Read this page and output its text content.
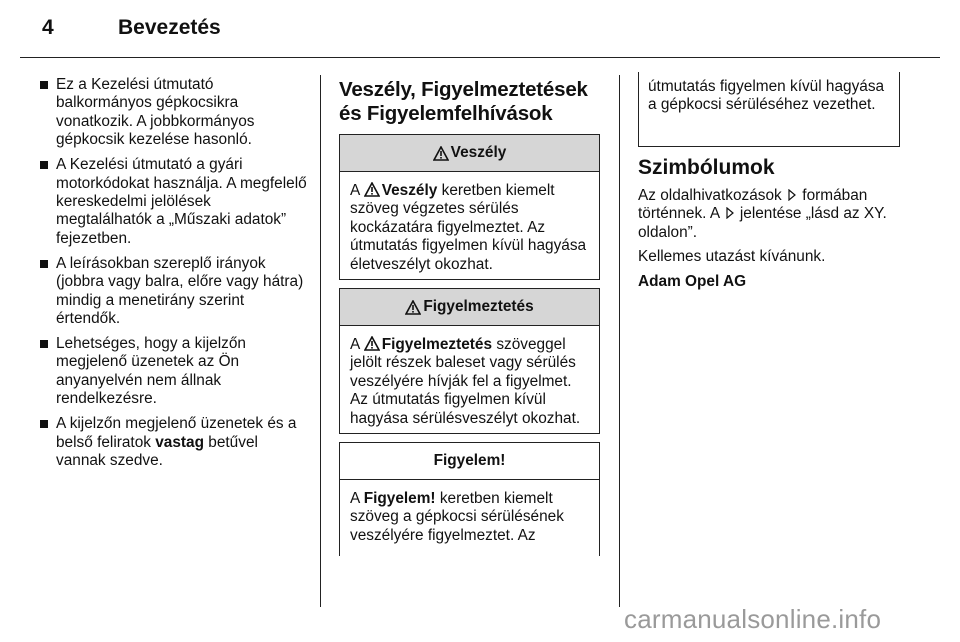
4	Bevezetés
Ez a Kezelési útmutató balkormányos gépkocsikra vonatkozik. A jobbkormányos gépkocsik kezelése hasonló.
A Kezelési útmutató a gyári motorkódokat használja. A megfelelő kereskedelmi jelölések megtalálhatók a „Műszaki adatok” fejezetben.
A leírásokban szereplő irányok (jobbra vagy balra, előre vagy hátra) mindig a menetirány szerint értendők.
Lehetséges, hogy a kijelzőn megjelenő üzenetek az Ön anyanyelvén nem állnak rendelkezésre.
A kijelzőn megjelenő üzenetek és a belső feliratok vastag betűvel vannak szedve.
Veszély, Figyelmeztetések és Figyelemfelhívások
Veszély
A Veszély keretben kiemelt szöveg végzetes sérülés kockázatára figyelmeztet. Az útmutatás figyelmen kívül hagyása életveszélyt okozhat.
Figyelmeztetés
A Figyelmeztetés szöveggel jelölt részek baleset vagy sérülés veszélyére hívják fel a figyelmet. Az útmutatás figyelmen kívül hagyása sérülésveszélyt okozhat.
Figyelem!
A Figyelem! keretben kiemelt szöveg a gépkocsi sérülésének veszélyére figyelmeztet. Az
útmutatás figyelmen kívül hagyása a gépkocsi sérüléséhez vezethet.
Szimbólumok

Az oldalhivatkozások  formában történnek. A  jelentése „lásd az XY. oldalon”.

Kellemes utazást kívánunk.

Adam Opel AG
carmanualsonline.info
